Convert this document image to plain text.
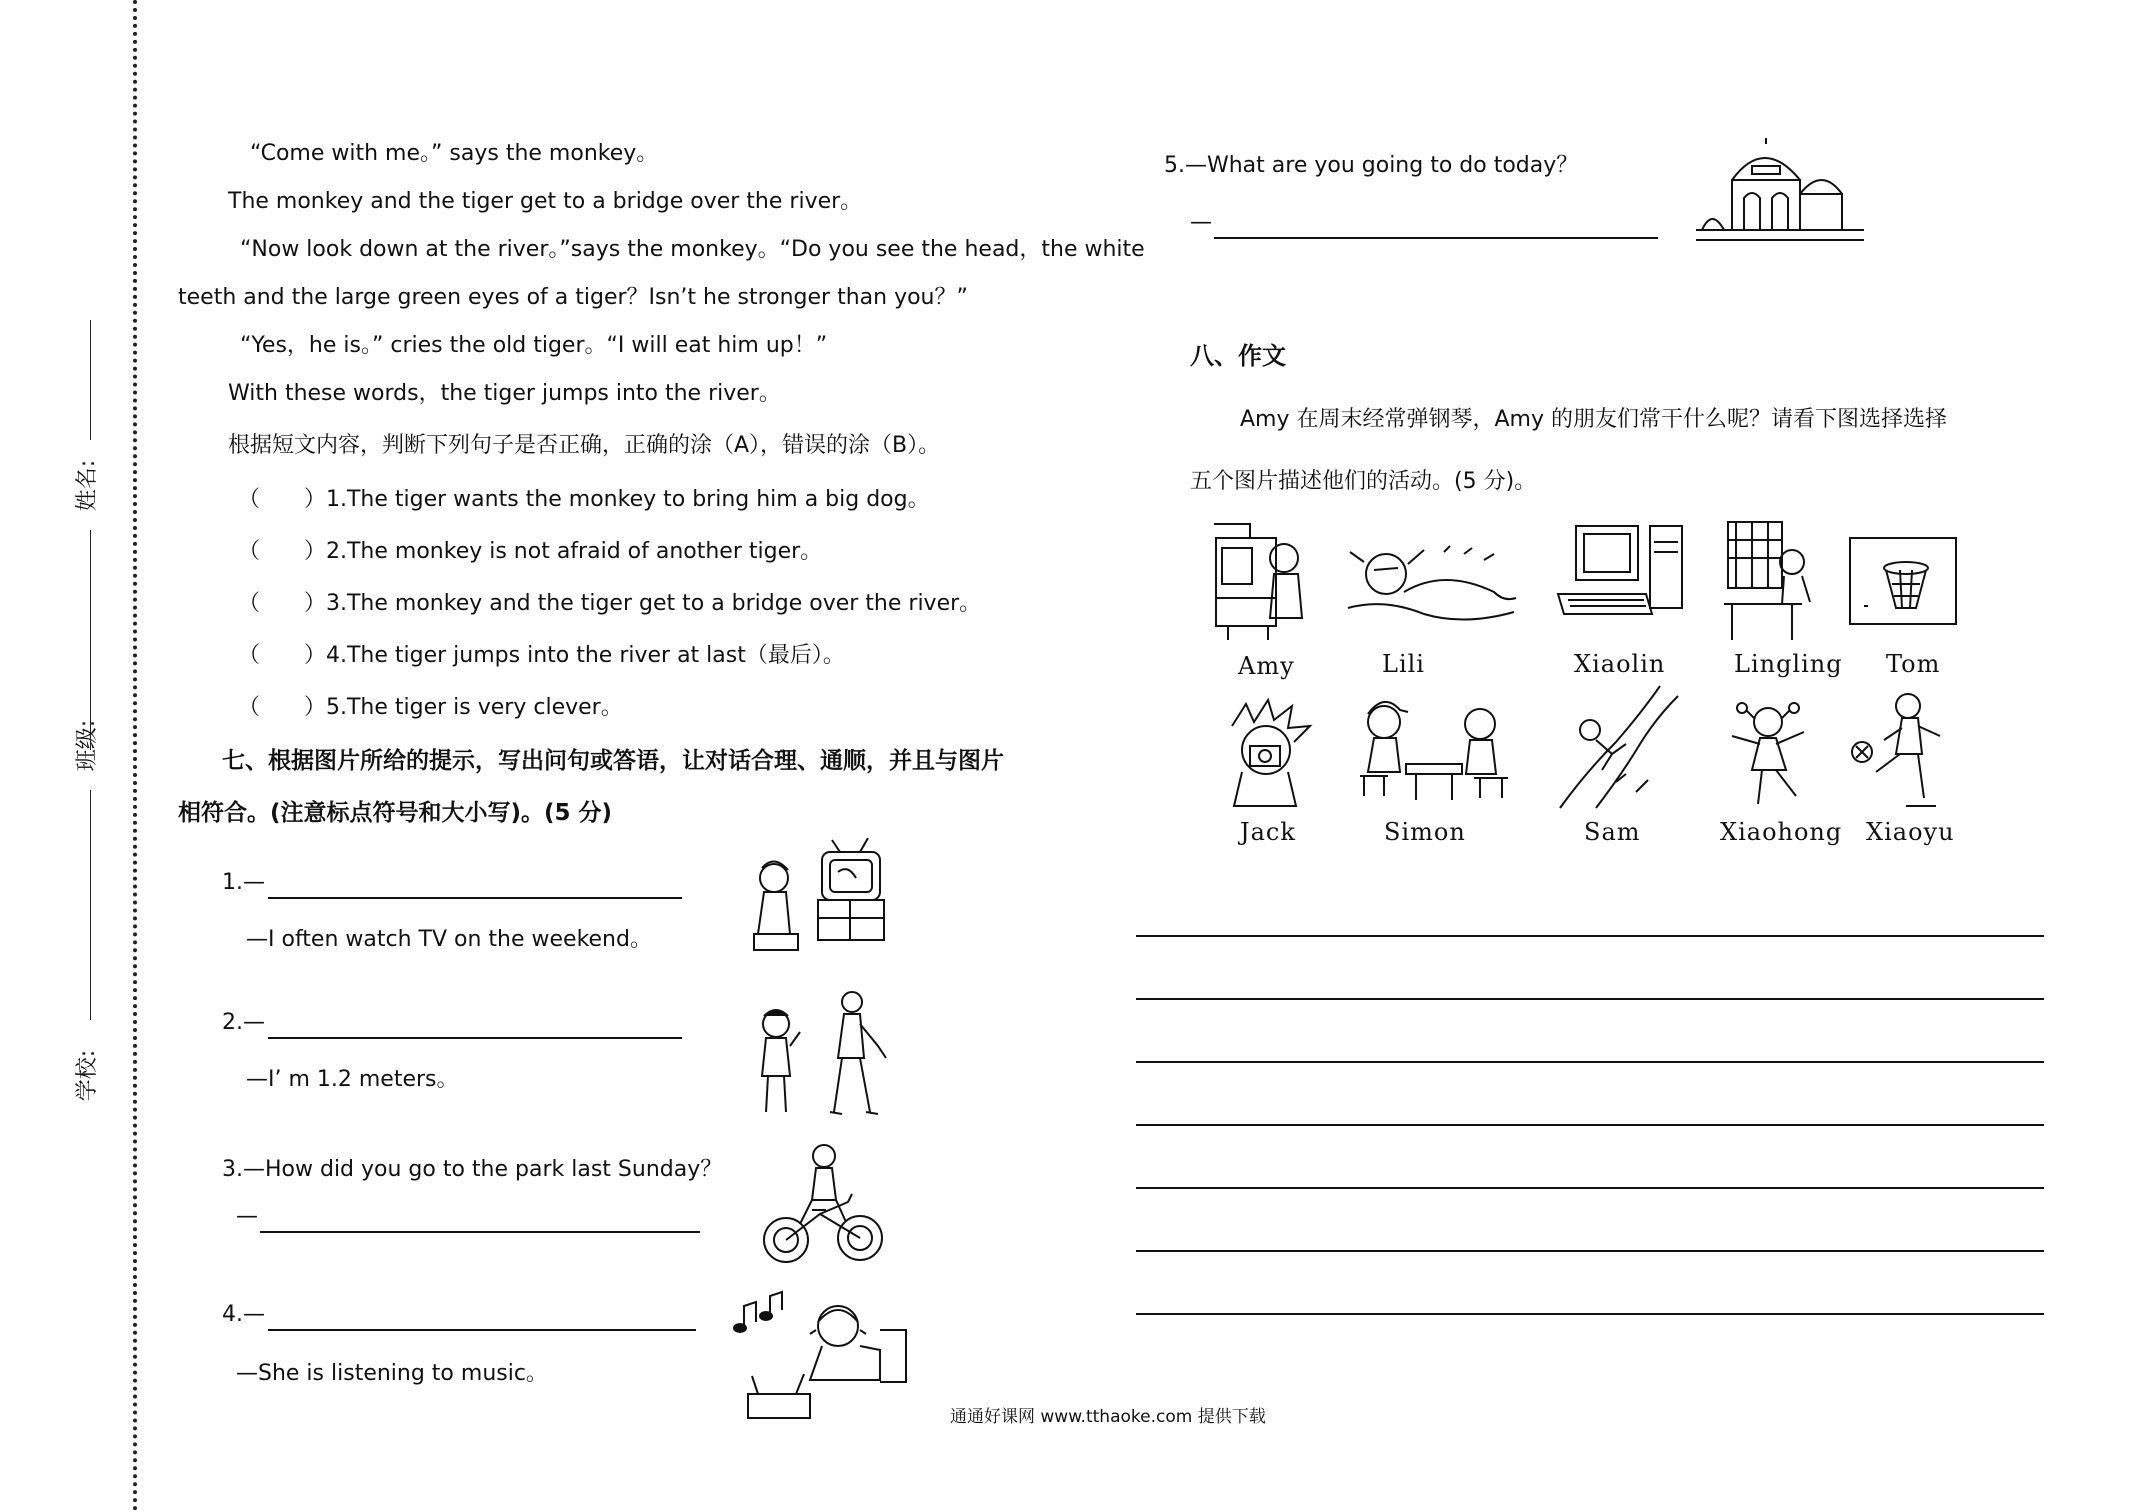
姓名:
班级:
学校:
“Come with me。” says the monkey。
The monkey and the tiger get to a bridge over the river。
“Now look down at the river。”says the monkey。“Do you see the head，the white
teeth and the large green eyes of a tiger？Isn’t he stronger than you？”
“Yes，he is。” cries the old tiger。“I will eat him up！”
With these words，the tiger jumps into the river。
根据短文内容，判断下列句子是否正确，正确的涂（A），错误的涂（B）。
（　　）1.The tiger wants the monkey to bring him a big dog。
（　　）2.The monkey is not afraid of another tiger。
（　　）3.The monkey and the tiger get to a bridge over the river。
（　　）4.The tiger jumps into the river at last（最后）。
（　　）5.The tiger is very clever。
七、根据图片所给的提示，写出问句或答语，让对话合理、通顺，并且与图片
相符合。(注意标点符号和大小写)。(5 分)
1.—
—I often watch TV on the weekend。
2.—
—I’ m 1.2 meters。
3.—How did you go to the park last Sunday？
—
4.—
—She is listening to music。
5.—What are you going to do today？
—
八、作文
Amy 在周末经常弹钢琴，Amy 的朋友们常干什么呢？请看下图选择选择
五个图片描述他们的活动。(5 分)。
Amy	Lili	Xiaolin	Lingling Tom
Jack	Simon	Sam	Xiaohong Xiaoyu
通通好课网 www.tthaoke.com 提供下载
